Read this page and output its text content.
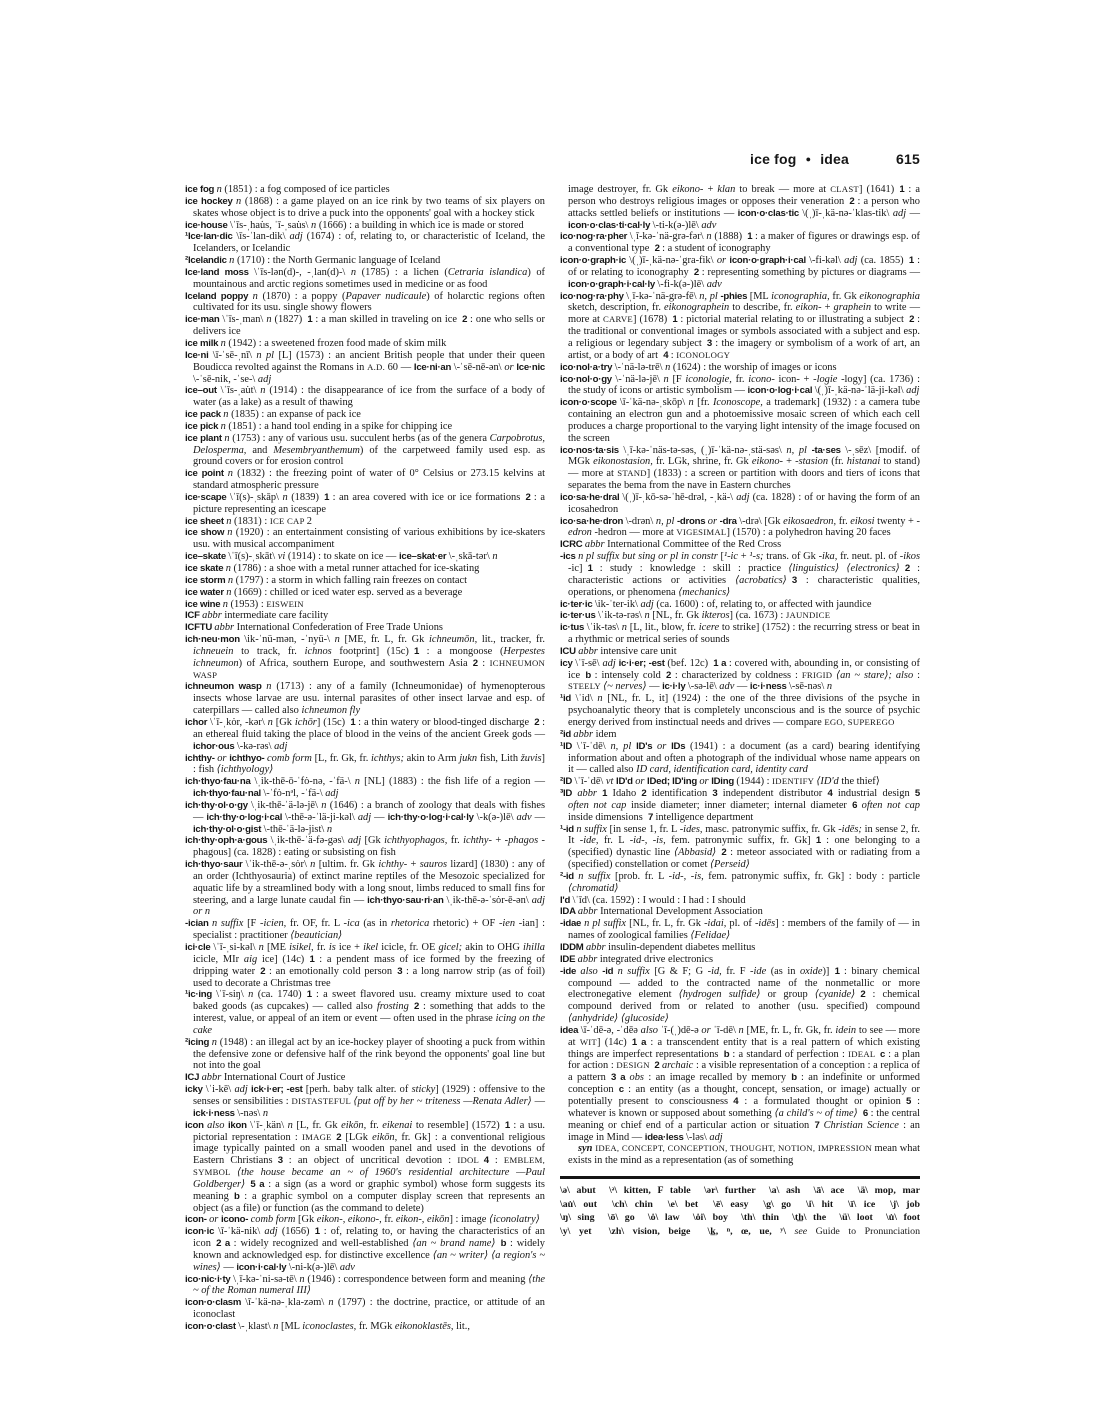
ice fog ● idea	615

ice fog n (1851) : a fog composed of ice particles

ice hockey n (1868) : a game played on an ice rink by two teams of six players on skates whose object is to drive a puck into the opponents' goal with a hockey stick

ice·house \ˈīs-ˌhau̇s, ˈī-ˌsau̇s\ n (1666) : a building in which ice is made or stored

¹Ice·lan·dic \īs-ˈlan-dik\ adj (1674) : of, relating to, or characteristic of Iceland, the Icelanders, or Icelandic

²Icelandic n (1710) : the North Germanic language of Iceland

Ice·land moss \ˈīs-lən(d)-, -ˌlan(d)-\ n (1785) : a lichen (Cetraria islandica) of mountainous and arctic regions sometimes used in medicine or as food

Iceland poppy n (1870) : a poppy (Papaver nudicaule) of holarctic regions often cultivated for its usu. single showy flowers

ice·man \ˈīs-ˌman\ n (1827) 1 : a man skilled in traveling on ice 2 : one who sells or delivers ice

ice milk n (1942) : a sweetened frozen food made of skim milk

Ice·ni \ī-ˈsē-ˌnī\ n pl [L] (1573) : an ancient British people that under their queen Boudicca revolted against the Romans in A.D. 60 — Ice·ni·an \-ˈsē-nē-ən\ or Ice·nic \-ˈsē-nik, -ˈse-\ adj

ice–out \ˈīs-ˌau̇t\ n (1914) : the disappearance of ice from the surface of a body of water (as a lake) as a result of thawing

ice pack n (1835) : an expanse of pack ice

ice pick n (1851) : a hand tool ending in a spike for chipping ice

ice plant n (1753) : any of various usu. succulent herbs (as of the genera Carpobrotus, Delosperma, and Mesembryanthemum) of the carpetweed family used esp. as ground covers or for erosion control

ice point n (1832) : the freezing point of water of 0° Celsius or 273.15 kelvins at standard atmospheric pressure

ice·scape \ˈī(s)-ˌskāp\ n (1839) 1 : an area covered with ice or ice formations 2 : a picture representing an icescape

ice sheet n (1831) : ICE CAP 2

ice show n (1920) : an entertainment consisting of various exhibitions by ice-skaters usu. with musical accompaniment

ice–skate \ˈī(s)-ˌskāt\ vi (1914) : to skate on ice — ice–skat·er \-ˌskā-tər\ n

ice skate n (1786) : a shoe with a metal runner attached for ice-skating

ice storm n (1797) : a storm in which falling rain freezes on contact

ice water n (1669) : chilled or iced water esp. served as a beverage

ice wine n (1953) : EISWEIN

ICF abbr intermediate care facility

ICFTU abbr International Confederation of Free Trade Unions

ich·neu·mon \ik-ˈnü-mən, -ˈnyü-\ n [ME, fr. L, fr. Gk ichneumōn, lit., tracker, fr. ichneuein to track, fr. ichnos footprint] (15c) 1 : a mongoose (Herpestes ichneumon) of Africa, southern Europe, and southwestern Asia 2 : ICHNEUMON WASP

ichneumon wasp n (1713) : any of a family (Ichneumonidae) of hymenopterous insects whose larvae are usu. internal parasites of other insect larvae and esp. of caterpillars — called also ichneumon fly

ichor \ˈī-ˌkȯr, -kər\ n [Gk ichōr] (15c) 1 : a thin watery or blood-tinged discharge 2 : an ethereal fluid taking the place of blood in the veins of the ancient Greek gods — ichor·ous \-kə-rəs\ adj

ichthy- or ichthyo- comb form [L, fr. Gk, fr. ichthys; akin to Arm jukn fish, Lith žuvis] : fish ⟨ichthyology⟩

ich·thyo·fau·na \ˌik-thē-ō-ˈfȯ-nə, -ˈfä-\ n [NL] (1883) : the fish life of a region — ich·thyo·fau·nal \-ˈfȯ-nᵊl, -ˈfä-\ adj

ich·thy·ol·o·gy \ˌik-thē-ˈä-lə-jē\ n (1646) : a branch of zoology that deals with fishes — ich·thy·o·log·i·cal \-thē-ə-ˈlä-ji-kəl\ adj — ich·thy·o·log·i·cal·ly \-k(ə-)lē\ adv — ich·thy·ol·o·gist \-thē-ˈä-lə-jist\ n

ich·thy·oph·a·gous \ˌik-thē-ˈä-fə-gəs\ adj [Gk ichthyophagos, fr. ichthy- + -phagos -phagous] (ca. 1828) : eating or subsisting on fish

ich·thyo·saur \ˈik-thē-ə-ˌsȯr\ n [ultim. fr. Gk ichthy- + sauros lizard] (1830) : any of an order (Ichthyosauria) of extinct marine reptiles of the Mesozoic specialized for aquatic life by a streamlined body with a long snout, limbs reduced to small fins for steering, and a large lunate caudal fin — ich·thyo·sau·ri·an \ˌik-thē-ə-ˈsȯr-ē-ən\ adj or n

-ician n suffix [F -icien, fr. OF, fr. L -ica (as in rhetorica rhetoric) + OF -ien -ian] : specialist : practitioner ⟨beautician⟩

ici·cle \ˈī-ˌsi-kəl\ n [ME isikel, fr. is ice + ikel icicle, fr. OE gicel; akin to OHG ihilla icicle, MIr aig ice] (14c) 1 : a pendent mass of ice formed by the freezing of dripping water 2 : an emotionally cold person 3 : a long narrow strip (as of foil) used to decorate a Christmas tree

¹ic·ing \ˈī-siŋ\ n (ca. 1740) 1 : a sweet flavored usu. creamy mixture used to coat baked goods (as cupcakes) — called also frosting 2 : something that adds to the interest, value, or appeal of an item or event — often used in the phrase icing on the cake

²icing n (1948) : an illegal act by an ice-hockey player of shooting a puck from within the defensive zone or defensive half of the rink beyond the opponents' goal line but not into the goal

ICJ abbr International Court of Justice

icky \ˈi-kē\ adj ick·i·er; -est [perh. baby talk alter. of sticky] (1929) : offensive to the senses or sensibilities : DISTASTEFUL ⟨put off by her ~ triteness —Renata Adler⟩ — ick·i·ness \-nəs\ n

icon also ikon \ˈī-ˌkän\ n [L, fr. Gk eikōn, fr. eikenai to resemble] (1572) 1 : a usu. pictorial representation : IMAGE 2 [LGk eikōn, fr. Gk] : a conventional religious image typically painted on a small wooden panel and used in the devotions of Eastern Christians 3 : an object of uncritical devotion : IDOL 4 : EMBLEM, SYMBOL ⟨the house became an ~ of 1960's residential architecture —Paul Goldberger⟩ 5 a : a sign (as a word or graphic symbol) whose form suggests its meaning b : a graphic symbol on a computer display screen that represents an object (as a file) or function (as the command to delete)

icon- or icono- comb form [Gk eikon-, eikono-, fr. eikon-, eikōn] : image ⟨iconolatry⟩

icon·ic \ī-ˈkä-nik\ adj (1656) 1 : of, relating to, or having the characteristics of an icon 2 a : widely recognized and well-established ⟨an ~ brand name⟩ b : widely known and acknowledged esp. for distinctive excellence ⟨an ~ writer⟩ ⟨a region's ~ wines⟩ — icon·i·cal·ly \-ni-k(ə-)lē\ adv

ico·nic·i·ty \ˌī-kə-ˈni-sə-tē\ n (1946) : correspondence between form and meaning ⟨the ~ of the Roman numeral III⟩

icon·o·clasm \ī-ˈkä-nə-ˌkla-zəm\ n (1797) : the doctrine, practice, or attitude of an iconoclast

icon·o·clast \-ˌklast\ n [ML iconoclastes, fr. MGk eikonoklastēs, lit.,

image destroyer, fr. Gk eikono- + klan to break — more at CLAST] (1641) 1 : a person who destroys religious images or opposes their veneration 2 : a person who attacks settled beliefs or institutions — icon·o·clas·tic \(ˌ)ī-ˌkä-nə-ˈklas-tik\ adj — icon·o·clas·ti·cal·ly \-ti-k(ə-)lē\ adv

ico·nog·ra·pher \ˌī-kə-ˈnä-grə-fər\ n (1888) 1 : a maker of figures or drawings esp. of a conventional type 2 : a student of iconography

icon·o·graph·ic \(ˌ)ī-ˌkä-nə-ˈgra-fik\ or icon·o·graph·i·cal \-fi-kəl\ adj (ca. 1855) 1 : of or relating to iconography 2 : representing something by pictures or diagrams — icon·o·graph·i·cal·ly \-fi-k(ə-)lē\ adv

ico·nog·ra·phy \ˌī-kə-ˈnä-grə-fē\ n, pl -phies [ML iconographia, fr. Gk eikonographia sketch, description, fr. eikonographein to describe, fr. eikon- + graphein to write — more at CARVE] (1678) 1 : pictorial material relating to or illustrating a subject 2 : the traditional or conventional images or symbols associated with a subject and esp. a religious or legendary subject 3 : the imagery or symbolism of a work of art, an artist, or a body of art 4 : ICONOLOGY

ico·nol·a·try \-ˈnä-lə-trē\ n (1624) : the worship of images or icons

ico·nol·o·gy \-ˈnä-lə-jē\ n [F iconologie, fr. icono- icon- + -logie -logy] (ca. 1736) : the study of icons or artistic symbolism — icon·o·log·i·cal \(ˌ)ī-ˌkä-nə-ˈlä-ji-kəl\ adj

icon·o·scope \ī-ˈkä-nə-ˌskōp\ n [fr. Iconoscope, a trademark] (1932) : a camera tube containing an electron gun and a photoemissive mosaic screen of which each cell produces a charge proportional to the varying light intensity of the image focused on the screen

ico·nos·ta·sis \ˌī-kə-ˈnäs-tə-səs, (ˌ)ī-ˈkä-nə-ˌstä-səs\ n, pl -ta·ses \-ˌsēz\ [modif. of MGk eikonostasion, fr. LGk, shrine, fr. Gk eikono- + -stasion (fr. histanai to stand) — more at STAND] (1833) : a screen or partition with doors and tiers of icons that separates the bema from the nave in Eastern churches

ico·sa·he·dral \(ˌ)ī-ˌkō-sə-ˈhē-drəl, -ˌkä-\ adj (ca. 1828) : of or having the form of an icosahedron

ico·sa·he·dron \-drən\ n, pl -drons or -dra \-drə\ [Gk eikosaedron, fr. eikosi twenty + -edron -hedron — more at VIGESIMAL] (1570) : a polyhedron having 20 faces

ICRC abbr International Committee of the Red Cross

-ics n pl suffix but sing or pl in constr [¹-ic + ¹-s; trans. of Gk -ika, fr. neut. pl. of -ikos -ic] 1 : study : knowledge : skill : practice ⟨linguistics⟩ ⟨electronics⟩ 2 : characteristic actions or activities ⟨acrobatics⟩ 3 : characteristic qualities, operations, or phenomena ⟨mechanics⟩

ic·ter·ic \ik-ˈter-ik\ adj (ca. 1600) : of, relating to, or affected with jaundice

ic·ter·us \ˈik-tə-rəs\ n [NL, fr. Gk ikteros] (ca. 1673) : JAUNDICE

ic·tus \ˈik-təs\ n [L, lit., blow, fr. icere to strike] (1752) : the recurring stress or beat in a rhythmic or metrical series of sounds

ICU abbr intensive care unit

icy \ˈī-sē\ adj ic·i·er; -est (bef. 12c) 1 a : covered with, abounding in, or consisting of ice b : intensely cold 2 : characterized by coldness : FRIGID ⟨an ~ stare⟩; also : STEELY ⟨~ nerves⟩ — ic·i·ly \-sə-lē\ adv — ic·i·ness \-sē-nəs\ n

¹id \ˈid\ n [NL, fr. L, it] (1924) : the one of the three divisions of the psyche in psychoanalytic theory that is completely unconscious and is the source of psychic energy derived from instinctual needs and drives — compare EGO, SUPEREGO

²id abbr idem

¹ID \ˈī-ˈdē\ n, pl ID's or IDs (1941) : a document (as a card) bearing identifying information about and often a photograph of the individual whose name appears on it — called also ID card, identification card, identity card

²ID \ˈī-ˈdē\ vt ID'd or IDed; ID'ing or IDing (1944) : IDENTIFY ⟨ID'd the thief⟩

³ID abbr 1 Idaho 2 identification 3 independent distributor 4 industrial design 5 often not cap inside diameter; inner diameter; internal diameter 6 often not cap inside dimensions 7 intelligence department

¹-id n suffix [in sense 1, fr. L -ides, masc. patronymic suffix, fr. Gk -idēs; in sense 2, fr. It -ide, fr. L -id-, -is, fem. patronymic suffix, fr. Gk] 1 : one belonging to a (specified) dynastic line ⟨Abbasid⟩ 2 : meteor associated with or radiating from a (specified) constellation or comet ⟨Perseid⟩

²-id n suffix [prob. fr. L -id-, -is, fem. patronymic suffix, fr. Gk] : body : particle ⟨chromatid⟩

I'd \ˈīd\ (ca. 1592) : I would : I had : I should

IDA abbr International Development Association

-idae n pl suffix [NL, fr. L, fr. Gk -idai, pl. of -idēs] : members of the family of — in names of zoological families ⟨Felidae⟩

IDDM abbr insulin-dependent diabetes mellitus

IDE abbr integrated drive electronics

-ide also -id n suffix [G & F; G -id, fr. F -ide (as in oxide)] 1 : binary chemical compound — added to the contracted name of the nonmetallic or more electronegative element ⟨hydrogen sulfide⟩ or group ⟨cyanide⟩ 2 : chemical compound derived from or related to another (usu. specified) compound ⟨anhydride⟩ ⟨glucoside⟩

idea \ī-ˈdē-ə, -ˈdēə also ˈī-(ˌ)dē-ə or ˈī-dē\ n [ME, fr. L, fr. Gk, fr. idein to see — more at WIT] (14c) 1 a : a transcendent entity that is a real pattern of which existing things are imperfect representations b : a standard of perfection : IDEAL c : a plan for action : DESIGN 2 archaic : a visible representation of a conception : a replica of a pattern 3 a obs : an image recalled by memory b : an indefinite or unformed conception c : an entity (as a thought, concept, sensation, or image) actually or potentially present to consciousness 4 : a formulated thought or opinion 5 : whatever is known or supposed about something ⟨a child's ~ of time⟩ 6 : the central meaning or chief end of a particular action or situation 7 Christian Science : an image in Mind — idea·less \-ləs\ adj

syn IDEA, CONCEPT, CONCEPTION, THOUGHT, NOTION, IMPRESSION mean what exists in the mind as a representation (as of something

\ə\ abut \ᵊ\ kitten, F table \ər\ further \a\ ash \ā\ ace \ä\ mop, mar
\au̇\ out \ch\ chin \e\ bet \ē\ easy \g\ go \i\ hit \ī\ ice \j\ job
\ŋ\ sing \ō\ go \ȯ\ law \ȯi\ boy \th\ thin \t͟h\ the \ü\ loot \u̇\ foot
\y\ yet \zh\ vision, beige \k̲, ⁿ, œ, ue, ʸ\ see Guide to Pronunciation
